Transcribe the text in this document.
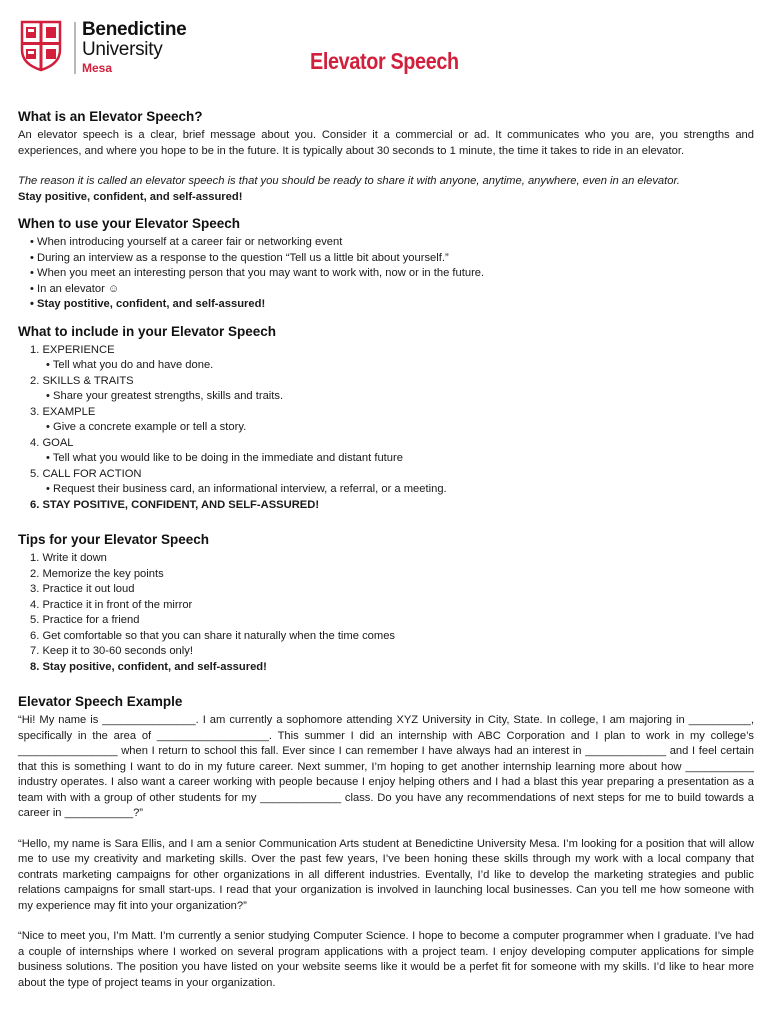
Benedictine
University
Mesa	Elevator Speech
What is an Elevator Speech?

An elevator speech is a clear, brief message about you. Consider it a commercial or ad. It communicates who you are, you strengths and experiences, and where you hope to be in the future. It is typically about 30 seconds to 1 minute, the time it takes to ride in an elevator.

The reason it is called an elevator speech is that you should be ready to share it with anyone, anytime, anywhere, even in an elevator.

Stay positive, confident, and self-assured!

When to use your Elevator Speech
• When introducing yourself at a career fair or networking event
• During an interview as a response to the question “Tell us a little bit about yourself.”
• When you meet an interesting person that you may want to work with, now or in the future.
• In an elevator ☺
• Stay postitive, confident, and self-assured!
What to include in your Elevator Speech
1. EXPERIENCE
• Tell what you do and have done.
2. SKILLS & TRAITS
• Share your greatest strengths, skills and traits.
3. EXAMPLE
• Give a concrete example or tell a story.
4. GOAL
• Tell what you would like to be doing in the immediate and distant future
5. CALL FOR ACTION
• Request their business card, an informational interview, a referral, or a meeting.
6. STAY POSITIVE, CONFIDENT, AND SELF-ASSURED!
Tips for your Elevator Speech
1. Write it down
2. Memorize the key points
3. Practice it out loud
4. Practice it in front of the mirror
5. Practice for a friend
6. Get comfortable so that you can share it naturally when the time comes
7. Keep it to 30-60 seconds only!
8. Stay positive, confident, and self-assured!
Elevator Speech Example

“Hi! My name is _______________. I am currently a sophomore attending XYZ University in City, State. In college, I am majoring in __________, specifically in the area of __________________. This summer I did an internship with ABC Corporation and I plan to work in my college’s ________________ when I return to school this fall. Ever since I can remember I have always had an interest in _____________ and I feel certain that this is something I want to do in my future career. Next summer, I’m hoping to get another internship learning more about how ___________ industry operates. I also want a career working with people because I enjoy helping others and I had a blast this year preparing a presentation as a team with with a group of other students for my _____________ class. Do you have any recommendations of next steps for me to build towards a career in ___________?”

“Hello, my name is Sara Ellis, and I am a senior Communication Arts student at Benedictine University Mesa. I’m looking for a position that will allow me to use my creativity and marketing skills. Over the past few years, I’ve been honing these skills through my work with a local company that contrats marketing campaigns for other organizations in all different industries. Eventally, I’d like to develop the marketing strategies and public relations campaigns for small start-ups. I read that your organization is involved in launching local businesses. Can you tell me how someone with my experience may fit into your organization?”

“Nice to meet you, I’m Matt. I’m currently a senior studying Computer Science. I hope to become a computer programmer when I graduate. I’ve had a couple of internships where I worked on several program applications with a project team. I enjoy developing computer applications for simple business solutions. The position you have listed on your website seems like it would be a perfet fit for someone with my skills. I’d like to hear more about the type of project teams in your organization.
